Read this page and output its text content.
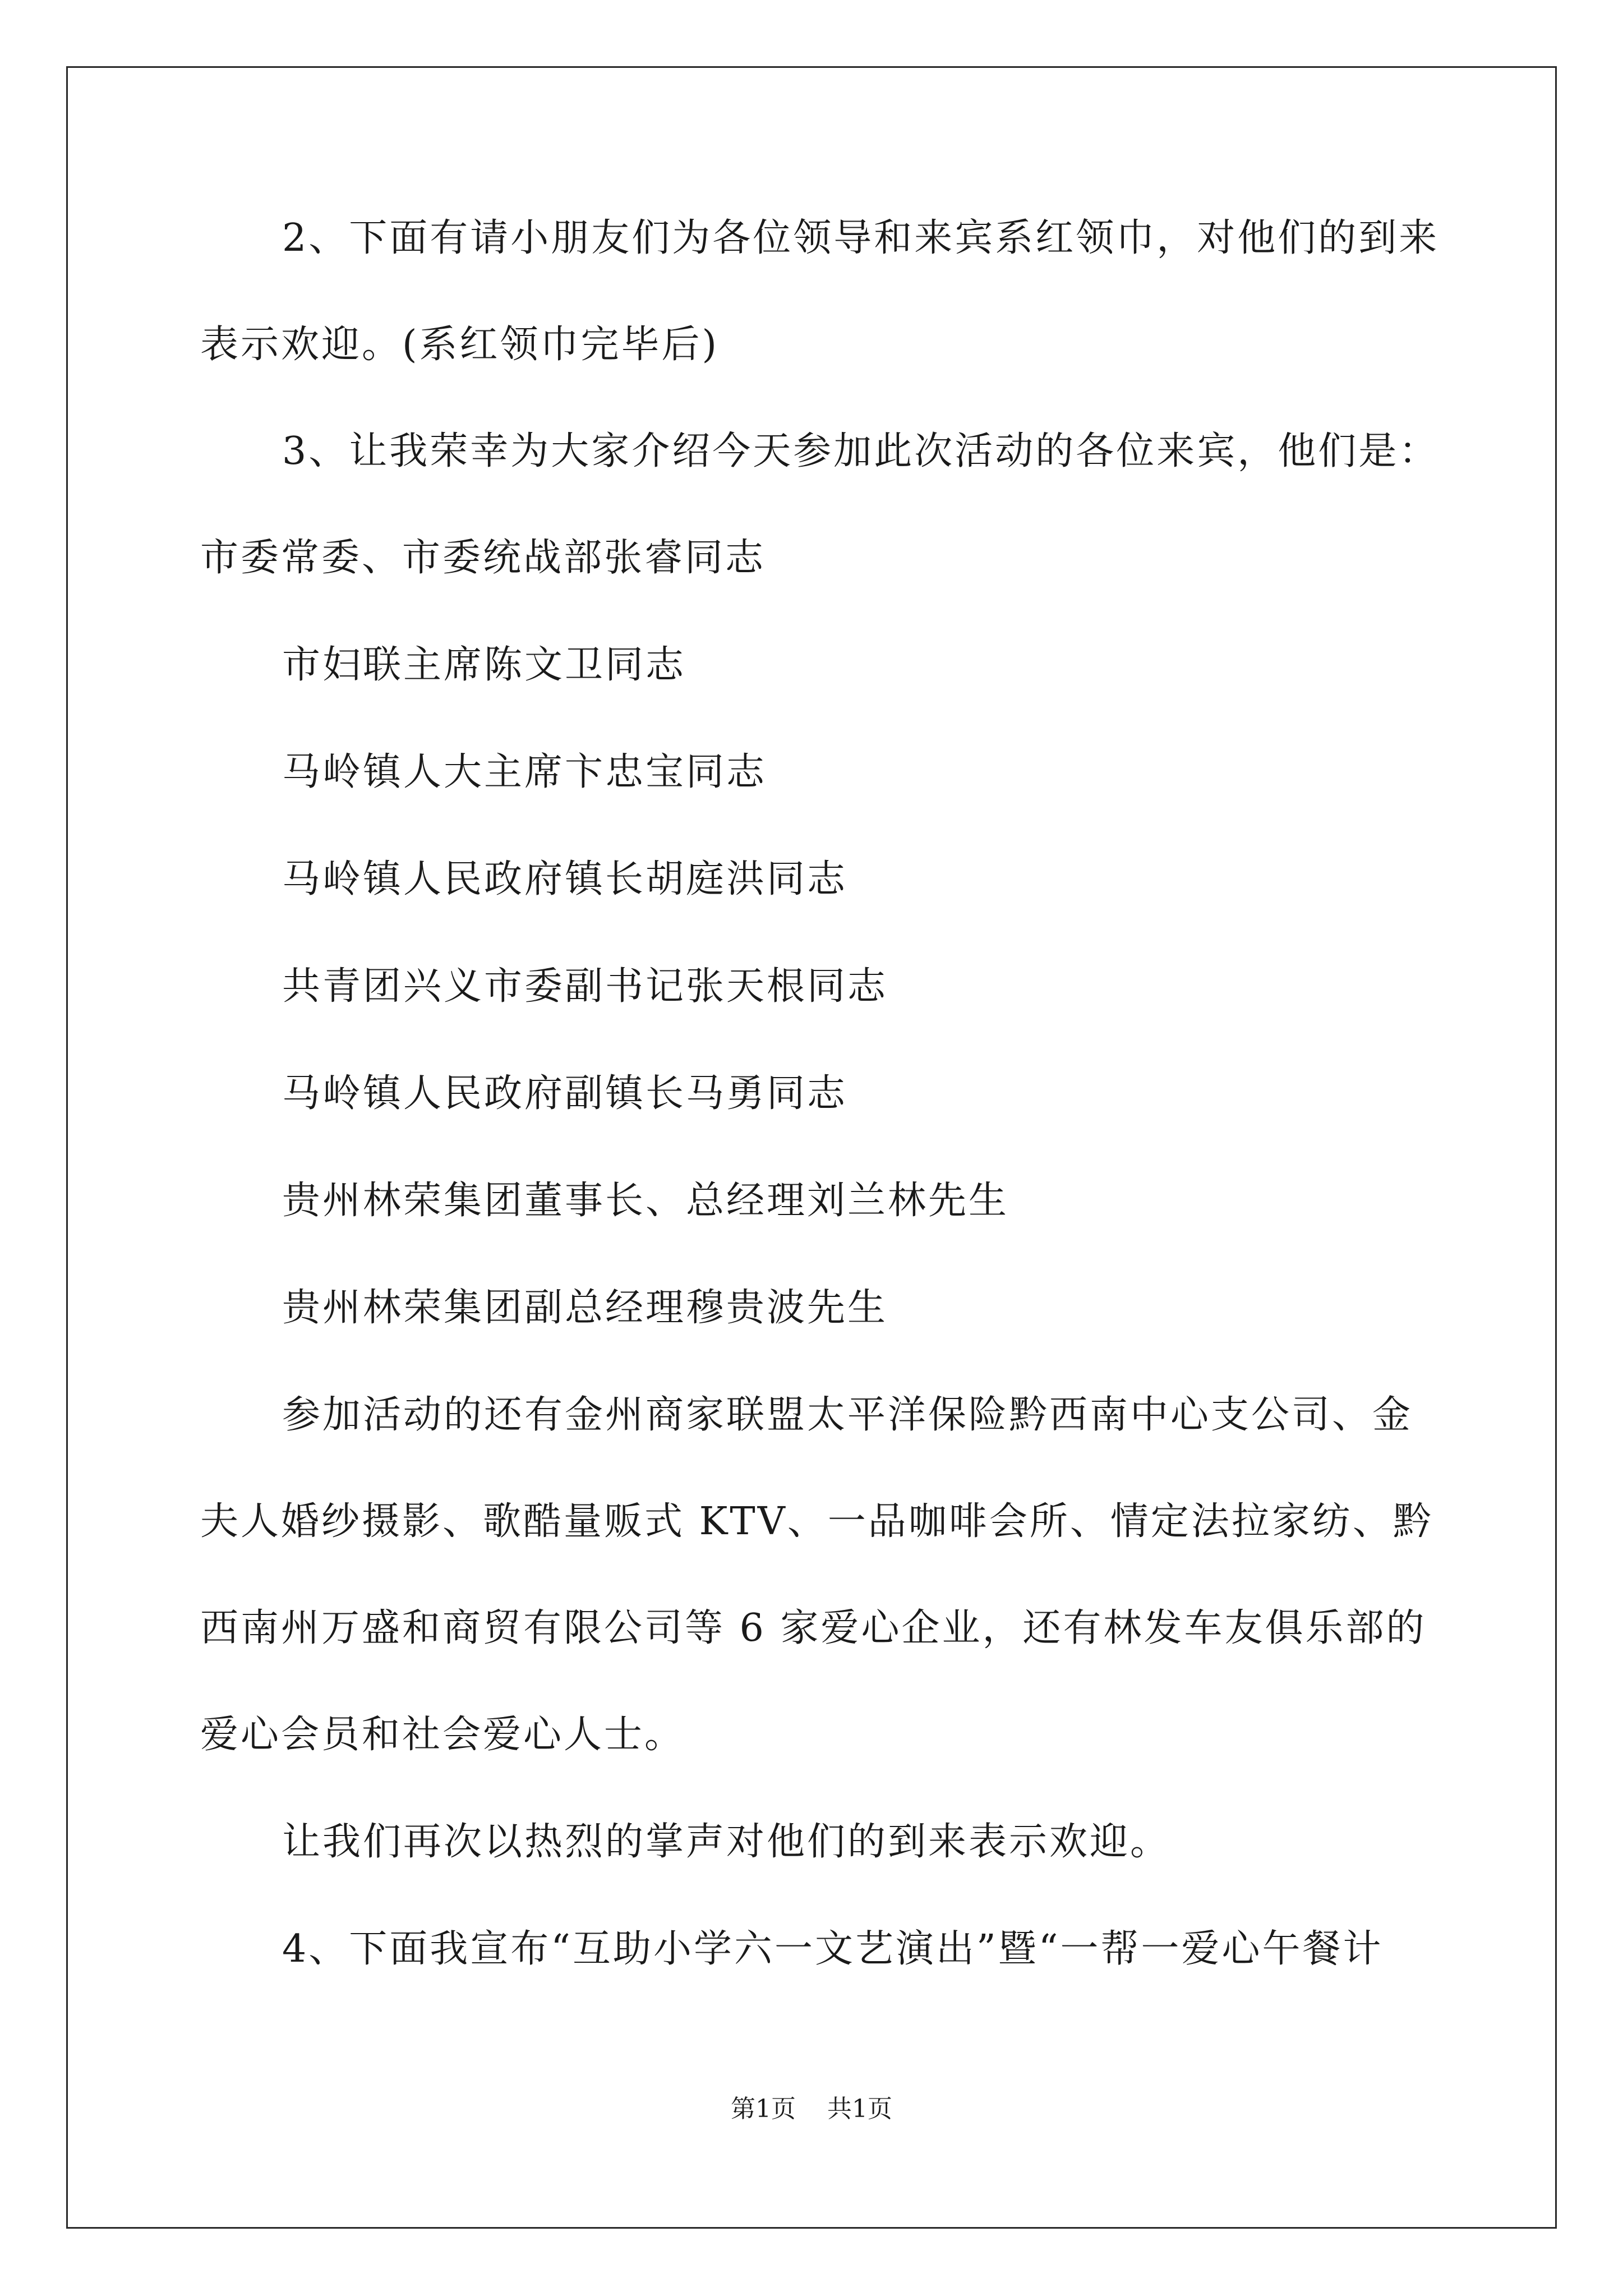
2、下面有请小朋友们为各位领导和来宾系红领巾，对他们的到来
表示欢迎。(系红领巾完毕后)
3、让我荣幸为大家介绍今天参加此次活动的各位来宾，他们是：
市委常委、市委统战部张睿同志
市妇联主席陈文卫同志
马岭镇人大主席卞忠宝同志
马岭镇人民政府镇长胡庭洪同志
共青团兴义市委副书记张天根同志
马岭镇人民政府副镇长马勇同志
贵州林荣集团董事长、总经理刘兰林先生
贵州林荣集团副总经理穆贵波先生
参加活动的还有金州商家联盟太平洋保险黔西南中心支公司、金
夫人婚纱摄影、歌酷量贩式 KTV、一品咖啡会所、情定法拉家纺、黔
西南州万盛和商贸有限公司等 6 家爱心企业，还有林发车友俱乐部的
爱心会员和社会爱心人士。
让我们再次以热烈的掌声对他们的到来表示欢迎。
4、下面我宣布“互助小学六一文艺演出”暨“一帮一爱心午餐计
第1页 共1页
